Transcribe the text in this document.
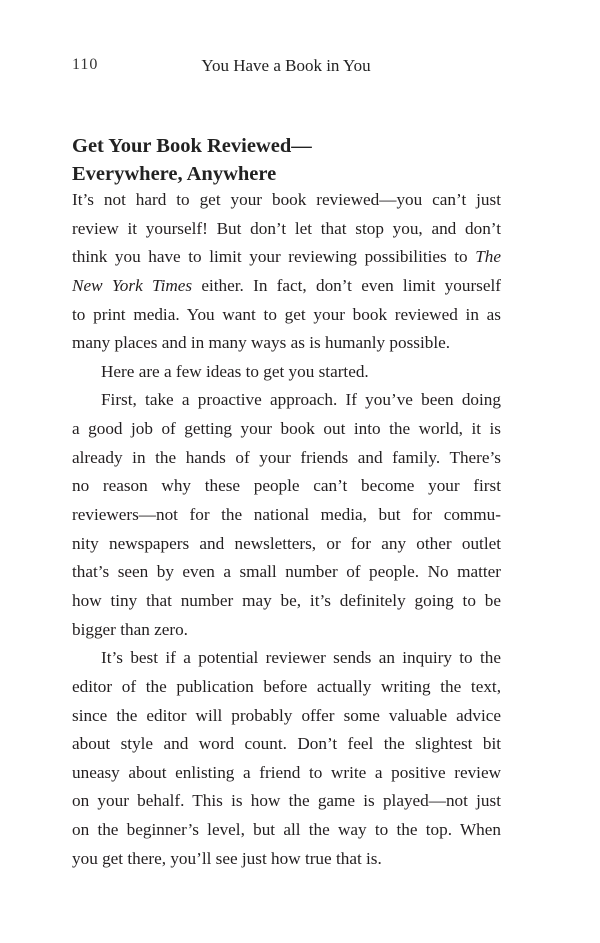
110	You Have a Book in You
Get Your Book Reviewed—
Everywhere, Anywhere
It’s not hard to get your book reviewed—you can’t just
review it yourself! But don’t let that stop you, and don’t
think you have to limit your reviewing possibilities to The
New York Times either. In fact, don’t even limit yourself
to print media. You want to get your book reviewed in as
many places and in many ways as is humanly possible.
Here are a few ideas to get you started.
First, take a proactive approach. If you’ve been doing
a good job of getting your book out into the world, it is
already in the hands of your friends and family. There’s
no reason why these people can’t become your first
reviewers—not for the national media, but for commu-
nity newspapers and newsletters, or for any other outlet
that’s seen by even a small number of people. No matter
how tiny that number may be, it’s definitely going to be
bigger than zero.
It’s best if a potential reviewer sends an inquiry to the
editor of the publication before actually writing the text,
since the editor will probably offer some valuable advice
about style and word count. Don’t feel the slightest bit
uneasy about enlisting a friend to write a positive review
on your behalf. This is how the game is played—not just
on the beginner’s level, but all the way to the top. When
you get there, you’ll see just how true that is.
